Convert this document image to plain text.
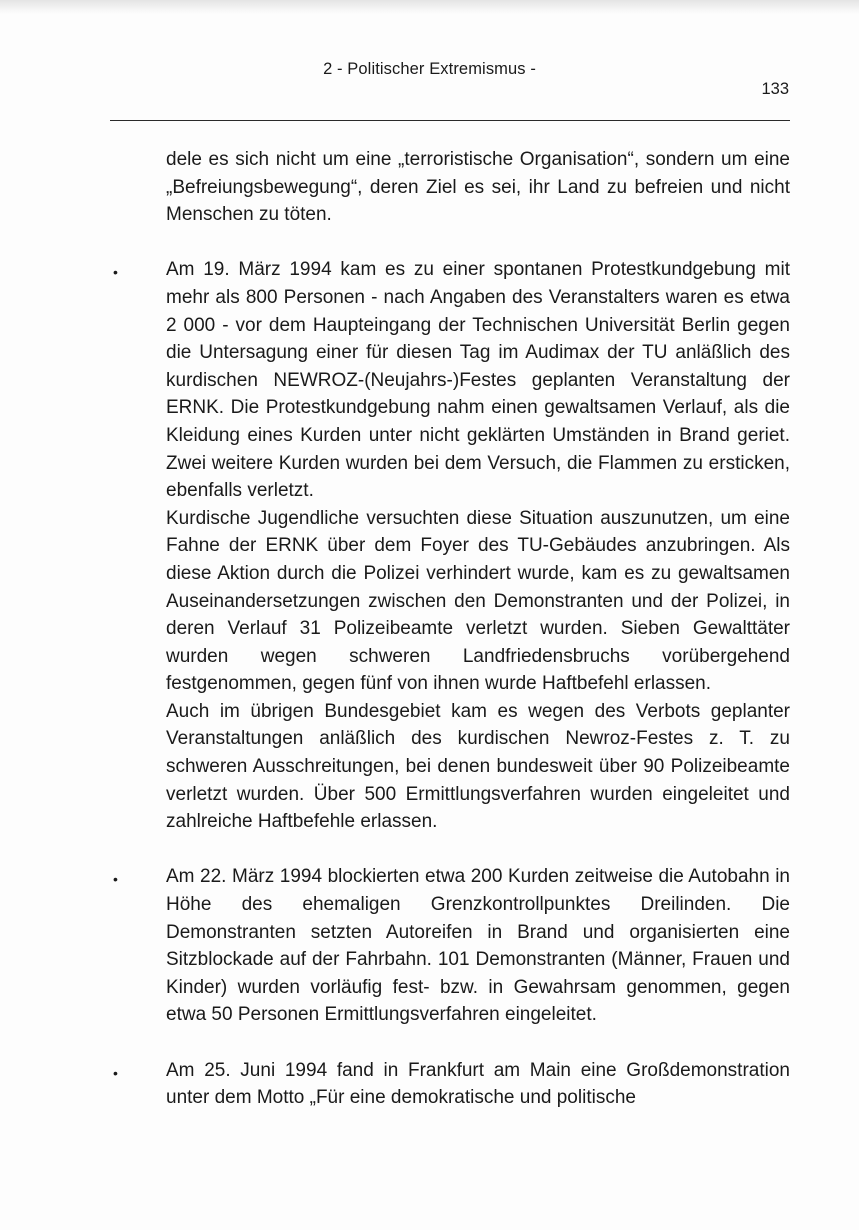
2 - Politischer Extremismus -
133

dele es sich nicht um eine „terroristische Organisation“, sondern um eine „Befreiungsbewegung“, deren Ziel es sei, ihr Land zu befreien und nicht Menschen zu töten.

•	Am 19. März 1994 kam es zu einer spontanen Protestkundgebung mit mehr als 800 Personen - nach Angaben des Veranstalters waren es etwa 2 000 - vor dem Haupteingang der Technischen Universität Berlin gegen die Untersagung einer für diesen Tag im Audimax der TU anläßlich des kurdischen NEWROZ-(Neujahrs-)Festes geplanten Veranstaltung der ERNK. Die Protestkundgebung nahm einen gewaltsamen Verlauf, als die Kleidung eines Kurden unter nicht geklärten Umständen in Brand geriet. Zwei weitere Kurden wurden bei dem Versuch, die Flammen zu ersticken, ebenfalls verletzt.

Kurdische Jugendliche versuchten diese Situation auszunutzen, um eine Fahne der ERNK über dem Foyer des TU-Gebäudes anzubringen. Als diese Aktion durch die Polizei verhindert wurde, kam es zu gewaltsamen Auseinandersetzungen zwischen den Demonstranten und der Polizei, in deren Verlauf 31 Polizeibeamte verletzt wurden. Sieben Gewalttäter wurden wegen schweren Landfriedensbruchs vorübergehend festgenommen, gegen fünf von ihnen wurde Haftbefehl erlassen.

Auch im übrigen Bundesgebiet kam es wegen des Verbots geplanter Veranstaltungen anläßlich des kurdischen Newroz-Festes z. T. zu schweren Ausschreitungen, bei denen bundesweit über 90 Polizeibeamte verletzt wurden. Über 500 Ermittlungsverfahren wurden eingeleitet und zahlreiche Haftbefehle erlassen.

•	Am 22. März 1994 blockierten etwa 200 Kurden zeitweise die Autobahn in Höhe des ehemaligen Grenzkontrollpunktes Dreilinden. Die Demonstranten setzten Autoreifen in Brand und organisierten eine Sitzblockade auf der Fahrbahn. 101 Demonstranten (Männer, Frauen und Kinder) wurden vorläufig fest- bzw. in Gewahrsam genommen, gegen etwa 50 Personen Ermittlungsverfahren eingeleitet.

•	Am 25. Juni 1994 fand in Frankfurt am Main eine Großdemonstration unter dem Motto „Für eine demokratische und politische
